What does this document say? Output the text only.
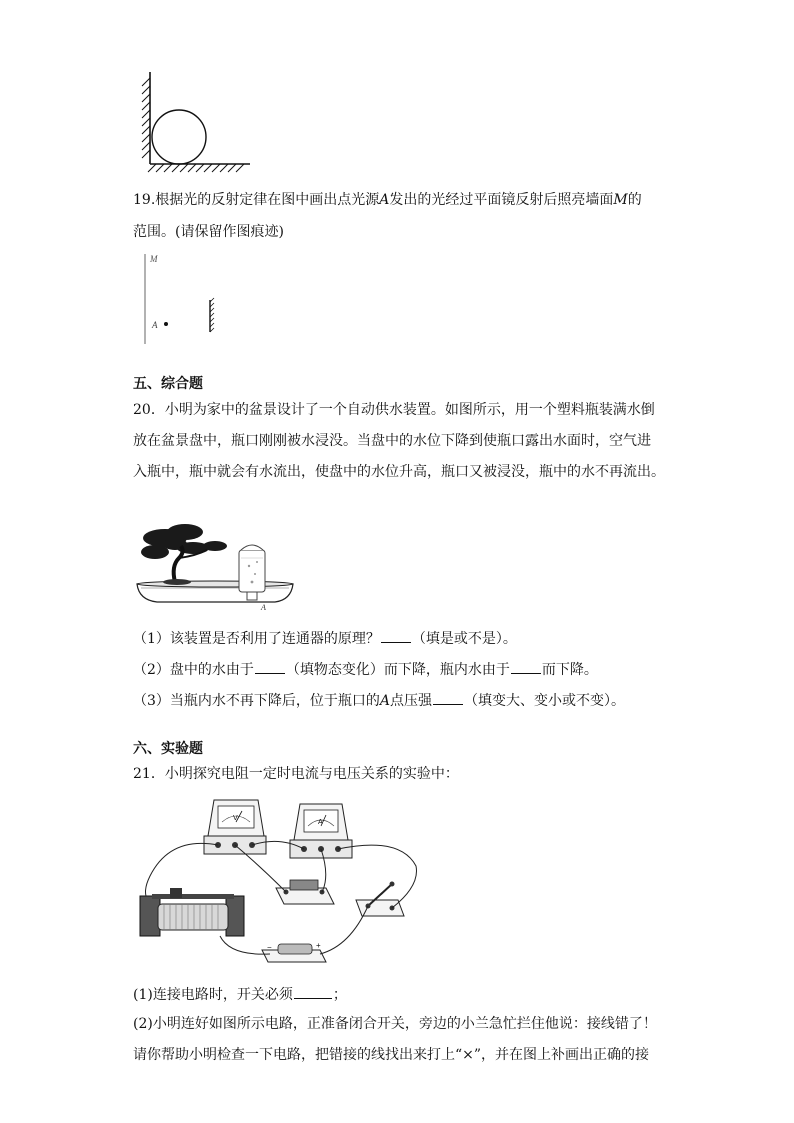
19.根据光的反射定律在图中画出点光源A发出的光经过平面镜反射后照亮墙面M的
范围。(请保留作图痕迹)
M
A
五、综合题
20．小明为家中的盆景设计了一个自动供水装置。如图所示，用一个塑料瓶装满水倒
放在盆景盘中，瓶口刚刚被水浸没。当盘中的水位下降到使瓶口露出水面时，空气进
入瓶中，瓶中就会有水流出，使盘中的水位升高，瓶口又被浸没，瓶中的水不再流出。
A
（1）该装置是否利用了连通器的原理？ （填是或不是）。
（2）盘中的水由于 （填物态变化）而下降，瓶内水由于 而下降。
（3）当瓶内水不再下降后，位于瓶口的A点压强 （填变大、变小或不变）。
六、实验题
21．小明探究电阻一定时电流与电压关系的实验中：
V
A
−	+
(1)连接电路时，开关必须	；
(2)小明连好如图所示电路，正准备闭合开关，旁边的小兰急忙拦住他说：接线错了！
请你帮助小明检查一下电路，把错接的线找出来打上“×”，并在图上补画出正确的接
